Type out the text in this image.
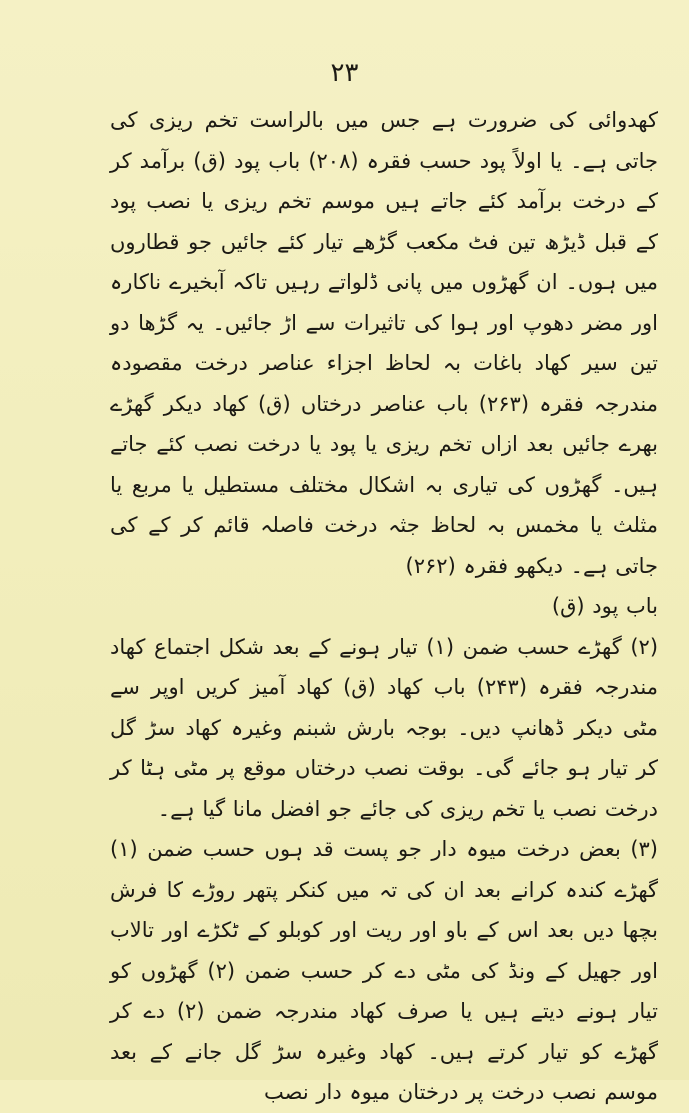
۲۳

کھدوائی کی ضرورت ہے جس میں بالراست تخم ریزی کی جاتی ہے۔ یا اولاً پود حسب فقرہ (۲۰۸) باب پود (ق) برآمد کر کے درخت برآمد کئے جاتے ہیں موسم تخم ریزی یا نصب پود کے قبل ڈیڑھ تین فٹ مکعب گڑھے تیار کئے جائیں جو قطاروں میں ہوں۔ ان گھڑوں میں پانی ڈلواتے رہیں تاکہ آبخیرے ناکارہ اور مضر دھوپ اور ہوا کی تاثیرات سے اڑ جائیں۔ یہ گڑھا دو تین سیر کھاد باغات بہ لحاظ اجزاء عناصر درخت مقصودہ مندرجہ فقرہ (۲۶۳) باب عناصر درختاں (ق) کھاد دیکر گھڑے بھرے جائیں بعد ازاں تخم ریزی یا پود یا درخت نصب کئے جاتے ہیں۔ گھڑوں کی تیاری بہ اشکال مختلف مستطیل یا مربع یا مثلث یا مخمس بہ لحاظ جثہ درخت فاصلہ قائم کر کے کی جاتی ہے۔ دیکھو فقرہ (۲۶۲)

باب پود (ق)

(۲) گھڑے حسب ضمن (۱) تیار ہونے کے بعد شکل اجتماع کھاد مندرجہ فقرہ (۲۴۳) باب کھاد (ق) کھاد آمیز کریں اوپر سے مٹی دیکر ڈھانپ دیں۔ بوجہ بارش شبنم وغیرہ کھاد سڑ گل کر تیار ہو جائے گی۔ بوقت نصب درختاں موقع پر مٹی ہٹا کر درخت نصب یا تخم ریزی کی جائے جو افضل مانا گیا ہے۔

(۳) بعض درخت میوہ دار جو پست قد ہوں حسب ضمن (۱) گھڑے کندہ کرانے بعد ان کی تہ میں کنکر پتھر روڑے کا فرش بچھا دیں بعد اس کے باو اور ریت اور کوبلو کے ٹکڑے اور تالاب اور جھیل کے ونڈ کی مٹی دے کر حسب ضمن (۲) گھڑوں کو تیار ہونے دیتے ہیں یا صرف کھاد مندرجہ ضمن (۲) دے کر گھڑے کو تیار کرتے ہیں۔ کھاد وغیرہ سڑ گل جانے کے بعد موسم نصب درخت پر درختان میوہ دار نصب
